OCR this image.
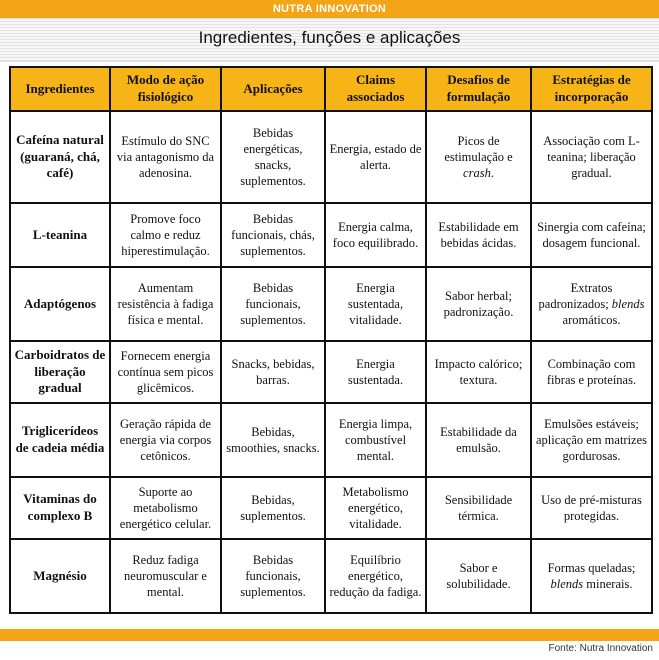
NUTRA INNOVATION
Ingredientes, funções e aplicações
Ingredientes	Modo de ação fisiológico	Aplicações	Claims associados	Desafios de formulação	Estratégias de incorporação
Cafeína natural (guaraná, chá, café)	Estímulo do SNC via antagonismo da adenosina.	Bebidas energéticas, snacks, suplementos.	Energia, estado de alerta.	Picos de estimulação e crash.	Associação com L-teanina; liberação gradual.
L-teanina	Promove foco calmo e reduz hiperestimulação.	Bebidas funcionais, chás, suplementos.	Energia calma, foco equilibrado.	Estabilidade em bebidas ácidas.	Sinergia com cafeína; dosagem funcional.
Adaptógenos	Aumentam resistência à fadiga física e mental.	Bebidas funcionais, suplementos.	Energia sustentada, vitalidade.	Sabor herbal; padronização.	Extratos padronizados; blends aromáticos.
Carboidratos de liberação gradual	Fornecem energia contínua sem picos glicêmicos.	Snacks, bebidas, barras.	Energia sustentada.	Impacto calórico; textura.	Combinação com fibras e proteínas.
Triglicerídeos de cadeia média	Geração rápida de energia via corpos cetônicos.	Bebidas, smoothies, snacks.	Energia limpa, combustível mental.	Estabilidade da emulsão.	Emulsões estáveis; aplicação em matrizes gordurosas.
Vitaminas do complexo B	Suporte ao metabolismo energético celular.	Bebidas, suplementos.	Metabolismo energético, vitalidade.	Sensibilidade térmica.	Uso de pré-misturas protegidas.
Magnésio	Reduz fadiga neuromuscular e mental.	Bebidas funcionais, suplementos.	Equilíbrio energético, redução da fadiga.	Sabor e solubilidade.	Formas queladas; blends minerais.
Fonte: Nutra Innovation
